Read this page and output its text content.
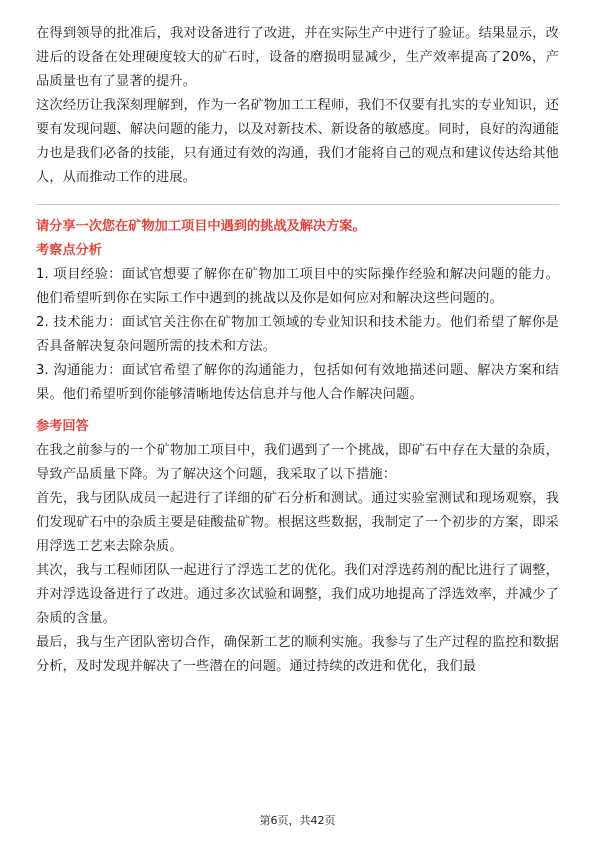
在得到领导的批准后，我对设备进行了改进，并在实际生产中进行了验证。结果显示，改进后的设备在处理硬度较大的矿石时，设备的磨损明显减少，生产效率提高了20%，产品质量也有了显著的提升。

这次经历让我深刻理解到，作为一名矿物加工工程师，我们不仅要有扎实的专业知识，还要有发现问题、解决问题的能力，以及对新技术、新设备的敏感度。同时，良好的沟通能力也是我们必备的技能，只有通过有效的沟通，我们才能将自己的观点和建议传达给其他人，从而推动工作的进展。

请分享一次您在矿物加工项目中遇到的挑战及解决方案。
考察点分析

1. 项目经验：面试官想要了解你在矿物加工项目中的实际操作经验和解决问题的能力。他们希望听到你在实际工作中遇到的挑战以及你是如何应对和解决这些问题的。

2. 技术能力：面试官关注你在矿物加工领域的专业知识和技术能力。他们希望了解你是否具备解决复杂问题所需的技术和方法。

3. 沟通能力：面试官希望了解你的沟通能力，包括如何有效地描述问题、解决方案和结果。他们希望听到你能够清晰地传达信息并与他人合作解决问题。

参考回答

在我之前参与的一个矿物加工项目中，我们遇到了一个挑战，即矿石中存在大量的杂质，导致产品质量下降。为了解决这个问题，我采取了以下措施：

首先，我与团队成员一起进行了详细的矿石分析和测试。通过实验室测试和现场观察，我们发现矿石中的杂质主要是硅酸盐矿物。根据这些数据，我制定了一个初步的方案，即采用浮选工艺来去除杂质。

其次，我与工程师团队一起进行了浮选工艺的优化。我们对浮选药剂的配比进行了调整，并对浮选设备进行了改进。通过多次试验和调整，我们成功地提高了浮选效率，并减少了杂质的含量。

最后，我与生产团队密切合作，确保新工艺的顺利实施。我参与了生产过程的监控和数据分析，及时发现并解决了一些潜在的问题。通过持续的改进和优化，我们最

第6页，共42页
